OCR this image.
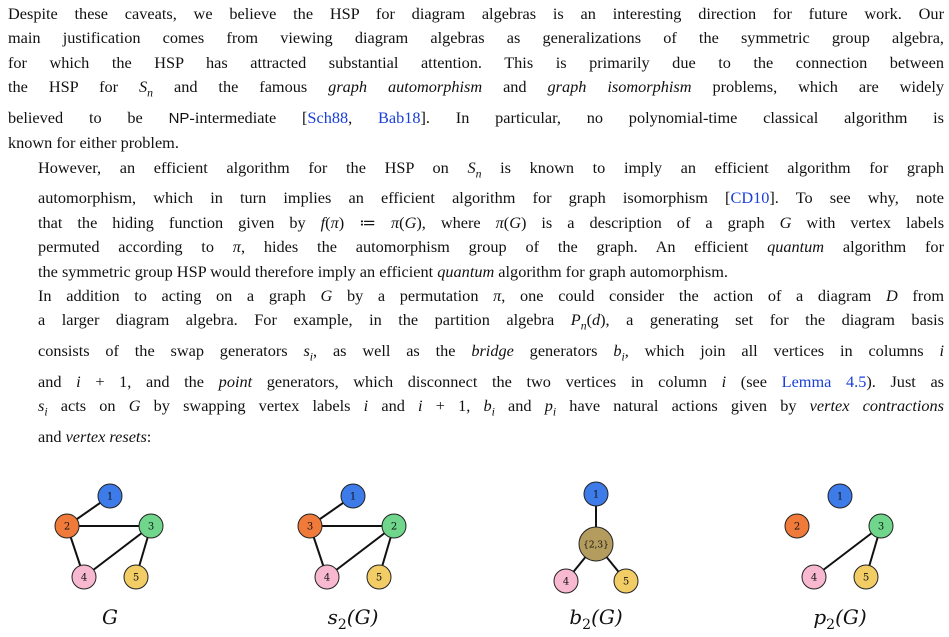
Despite these caveats, we believe the HSP for diagram algebras is an interesting direction for future work. Our
main justification comes from viewing diagram algebras as generalizations of the symmetric group algebra,
for which the HSP has attracted substantial attention. This is primarily due to the connection between
the HSP for $S_n$ and the famous graph automorphism and graph isomorphism problems, which are widely
believed to be NP-intermediate [Sch88, Bab18]. In particular, no polynomial-time classical algorithm is
known for either problem.

However, an efficient algorithm for the HSP on $S_n$ is known to imply an efficient algorithm for graph
automorphism, which in turn implies an efficient algorithm for graph isomorphism [CD10]. To see why, note
that the hiding function given by f(π) ≔ π(G), where π(G) is a description of a graph G with vertex labels
permuted according to π, hides the automorphism group of the graph. An efficient quantum algorithm for
the symmetric group HSP would therefore imply an efficient quantum algorithm for graph automorphism.

In addition to acting on a graph G by a permutation π, one could consider the action of a diagram D from
a larger diagram algebra. For example, in the partition algebra $P_n(d)$, a generating set for the diagram basis
consists of the swap generators $s_i$, as well as the bridge generators $b_i$, which join all vertices in columns i
and i + 1, and the point generators, which disconnect the two vertices in column i (see Lemma 4.5). Just as
$s_i$ acts on G by swapping vertex labels i and i + 1, $b_i$ and $p_i$ have natural actions given by vertex contractions
and vertex resets:

1
2	3
4	5
G
1
3	2
4	5
$s_2(G)$
1
{2,3}
4	5
$b_2(G)$
1
2	3
4	5
$p_2(G)$
